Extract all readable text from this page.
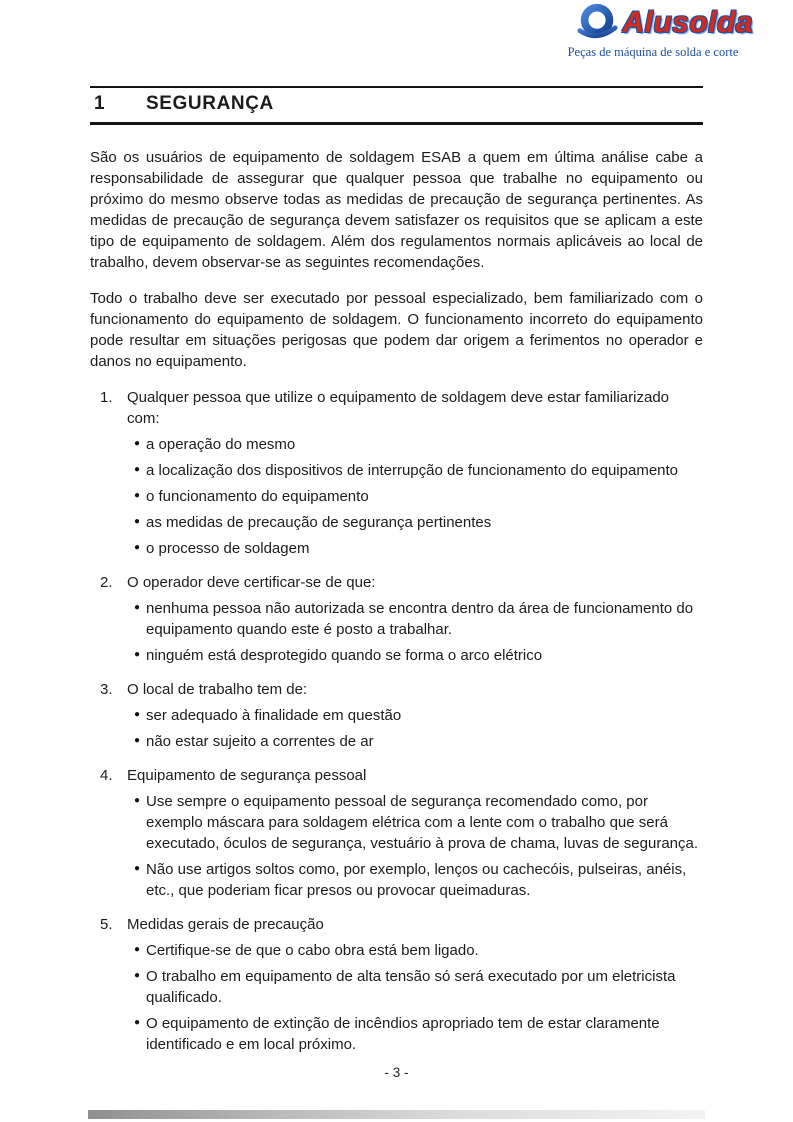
Alusolda
Peças de máquina de solda e corte
1	SEGURANÇA

São os usuários de equipamento de soldagem ESAB a quem em última análise cabe a responsabilidade de assegurar que qualquer pessoa que trabalhe no equipamento ou próximo do mesmo observe todas as medidas de precaução de segurança pertinentes. As medidas de precaução de segurança devem satisfazer os requisitos que se aplicam a este tipo de equipamento de soldagem. Além dos regulamentos normais aplicáveis ao local de trabalho, devem observar-se as seguintes recomendações.

Todo o trabalho deve ser executado por pessoal especializado, bem familiarizado com o funcionamento do equipamento de soldagem. O funcionamento incorreto do equipamento pode resultar em situações perigosas que podem dar origem a ferimentos no operador e danos no equipamento.

1. Qualquer pessoa que utilize o equipamento de soldagem deve estar familiarizado com:
● a operação do mesmo
● a localização dos dispositivos de interrupção de funcionamento do equipamento
● o funcionamento do equipamento
● as medidas de precaução de segurança pertinentes
● o processo de soldagem
2. O operador deve certificar-se de que:
● nenhuma pessoa não autorizada se encontra dentro da área de funcionamento do equipamento quando este é posto a trabalhar.
● ninguém está desprotegido quando se forma o arco elétrico
3. O local de trabalho tem de:
● ser adequado à finalidade em questão
● não estar sujeito a correntes de ar
4. Equipamento de segurança pessoal
● Use sempre o equipamento pessoal de segurança recomendado como, por exemplo máscara para soldagem elétrica com a lente com o trabalho que será executado, óculos de segurança, vestuário à prova de chama, luvas de segurança.
● Não use artigos soltos como, por exemplo, lenços ou cachecóis, pulseiras, anéis, etc., que poderiam ficar presos ou provocar queimaduras.
5. Medidas gerais de precaução
● Certifique-se de que o cabo obra está bem ligado.
● O trabalho em equipamento de alta tensão só será executado por um eletricista qualificado.
● O equipamento de extinção de incêndios apropriado tem de estar claramente identificado e em local próximo.
- 3 -
